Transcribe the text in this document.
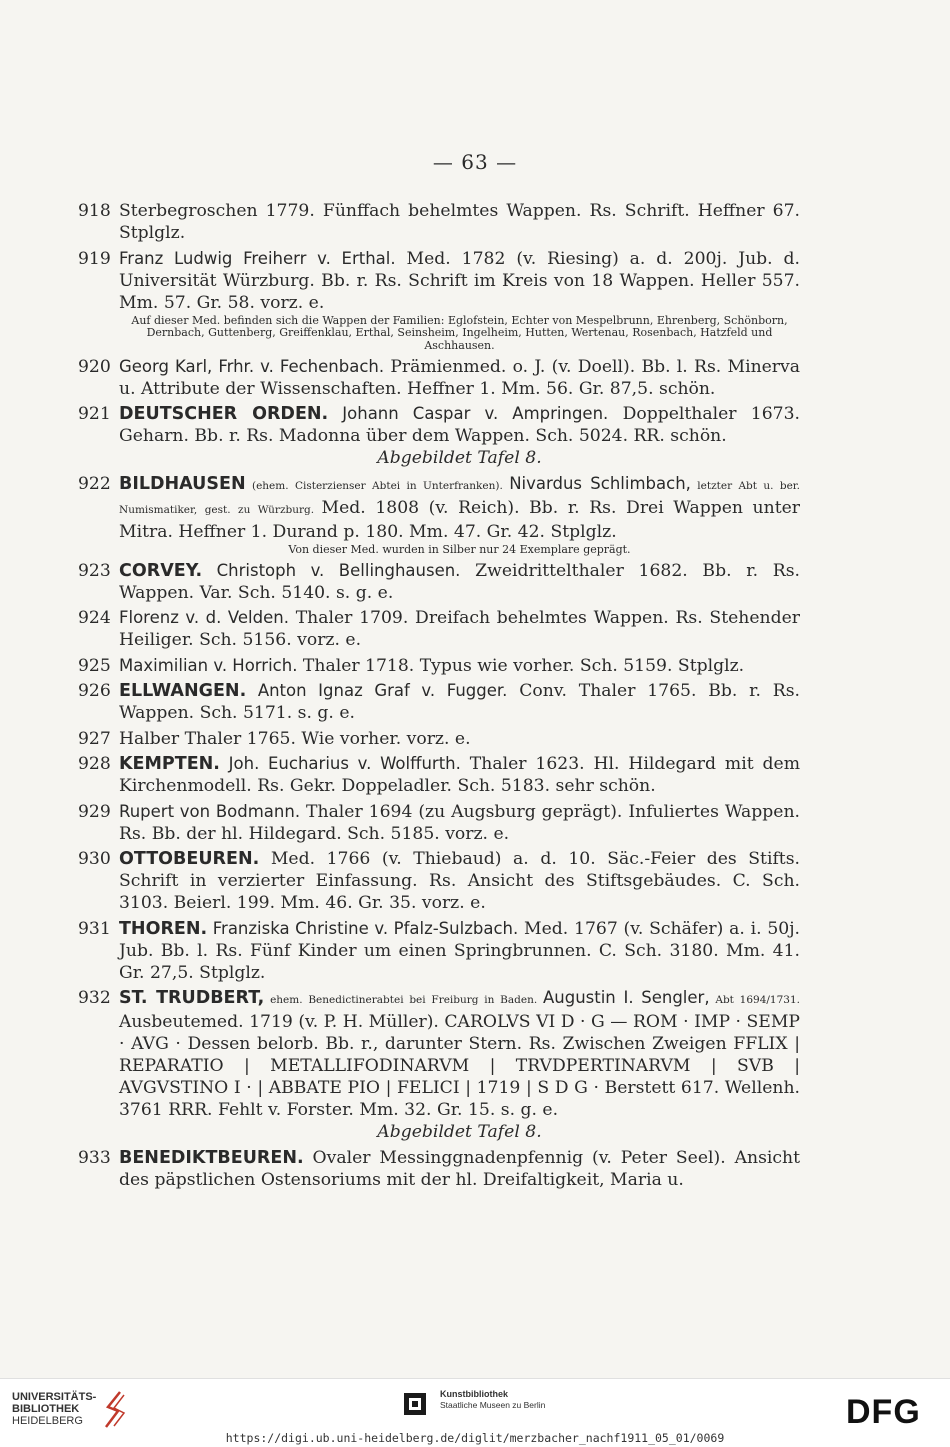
— 63 —
918 Sterbegroschen 1779. Fünffach behelmtes Wappen. Rs. Schrift. Heffner 67. Stplglz.
919 Franz Ludwig Freiherr v. Erthal. Med. 1782 (v. Riesing) a. d. 200j. Jub. d. Universität Würzburg. Bb. r. Rs. Schrift im Kreis von 18 Wappen. Heller 557. Mm. 57. Gr. 58. vorz. e.
Auf dieser Med. befinden sich die Wappen der Familien: Eglofstein, Echter von Mespelbrunn, Ehrenberg, Schönborn, Dernbach, Guttenberg, Greiffenklau, Erthal, Seinsheim, Ingelheim, Hutten, Wertenau, Rosenbach, Hatzfeld und Aschhausen.
920 Georg Karl, Frhr. v. Fechenbach. Prämienmed. o. J. (v. Doell). Bb. l. Rs. Minerva u. Attribute der Wissenschaften. Heffner 1. Mm. 56. Gr. 87,5. schön.
921 DEUTSCHER ORDEN. Johann Caspar v. Ampringen. Doppelthaler 1673. Geharn. Bb. r. Rs. Madonna über dem Wappen. Sch. 5024. RR. schön.
Abgebildet Tafel 8.
922 BILDHAUSEN (ehem. Cisterzienser Abtei in Unterfranken). Nivardus Schlimbach, letzter Abt u. ber. Numismatiker, gest. zu Würzburg. Med. 1808 (v. Reich). Bb. r. Rs. Drei Wappen unter Mitra. Heffner 1. Durand p. 180. Mm. 47. Gr. 42. Stplglz.
Von dieser Med. wurden in Silber nur 24 Exemplare geprägt.
923 CORVEY. Christoph v. Bellinghausen. Zweidrittelthaler 1682. Bb. r. Rs. Wappen. Var. Sch. 5140. s. g. e.
924 Florenz v. d. Velden. Thaler 1709. Dreifach behelmtes Wappen. Rs. Stehender Heiliger. Sch. 5156. vorz. e.
925 Maximilian v. Horrich. Thaler 1718. Typus wie vorher. Sch. 5159. Stplglz.
926 ELLWANGEN. Anton Ignaz Graf v. Fugger. Conv. Thaler 1765. Bb. r. Rs. Wappen. Sch. 5171. s. g. e.
927 Halber Thaler 1765. Wie vorher. vorz. e.
928 KEMPTEN. Joh. Eucharius v. Wolffurth. Thaler 1623. Hl. Hildegard mit dem Kirchenmodell. Rs. Gekr. Doppeladler. Sch. 5183. sehr schön.
929 Rupert von Bodmann. Thaler 1694 (zu Augsburg geprägt). Infuliertes Wappen. Rs. Bb. der hl. Hildegard. Sch. 5185. vorz. e.
930 OTTOBEUREN. Med. 1766 (v. Thiebaud) a. d. 10. Säc.-Feier des Stifts. Schrift in verzierter Einfassung. Rs. Ansicht des Stiftsgebäudes. C. Sch. 3103. Beierl. 199. Mm. 46. Gr. 35. vorz. e.
931 THOREN. Franziska Christine v. Pfalz-Sulzbach. Med. 1767 (v. Schäfer) a. i. 50j. Jub. Bb. l. Rs. Fünf Kinder um einen Springbrunnen. C. Sch. 3180. Mm. 41. Gr. 27,5. Stplglz.
932 ST. TRUDBERT, ehem. Benedictinerabtei bei Freiburg in Baden. Augustin I. Sengler, Abt 1694/1731. Ausbeutemed. 1719 (v. P. H. Müller). CAROLVS VI D · G — ROM · IMP · SEMP · AVG · Dessen belorb. Bb. r., darunter Stern. Rs. Zwischen Zweigen FFLIX | REPARATIO | METALLIFODINARVM | TRVDPERTINARVM | SVB | AVGVSTINO I · | ABBATE PIO | FELICI | 1719 | S D G · Berstett 617. Wellenh. 3761 RRR. Fehlt v. Forster. Mm. 32. Gr. 15. s. g. e.
Abgebildet Tafel 8.
933 BENEDIKTBEUREN. Ovaler Messinggnadenpfennig (v. Peter Seel). Ansicht des päpstlichen Ostensoriums mit der hl. Dreifaltigkeit, Maria u.
UNIVERSITÄTS-
BIBLIOTHEK
HEIDELBERG
Kunstbibliothek
Staatliche Museen zu Berlin	DFG
https://digi.ub.uni-heidelberg.de/diglit/merzbacher_nachf1911_05_01/0069
